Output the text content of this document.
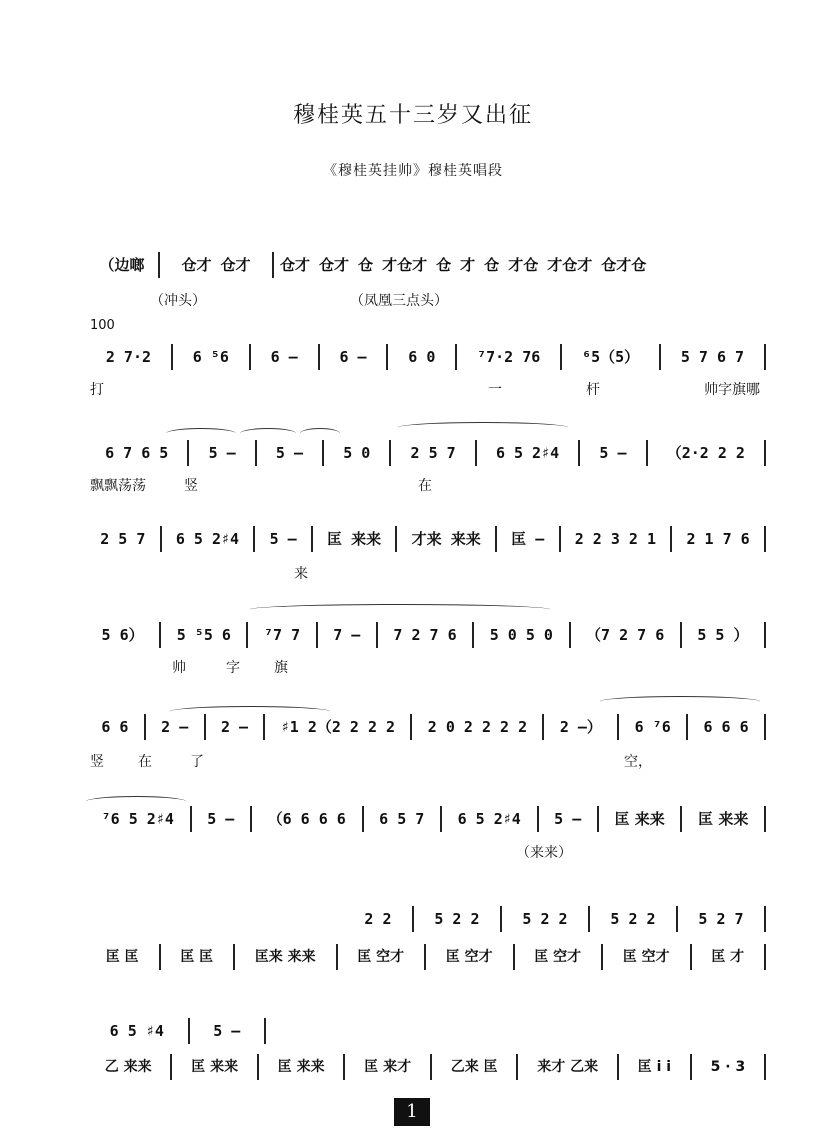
穆桂英五十三岁又出征
《穆桂英挂帅》穆桂英唱段
（边啷	仓才 仓才	仓才 仓才 仓 才仓才 仓 才 仓 才仓 才仓才 仓才仓
（冲头）	（凤凰三点头）
100
2 7·2	6 ⁵6	6 –	6 –	6 0	⁷7·2 76	⁶5（5）	5 7 6 7
打	一	杆	帅字旗哪
6 7 6 5	5 –	5 –	5 0	2 5 7	6 5 2♯4	5 –	（2·2 2 2
飘飘荡荡	竖	在
2 5 7	6 5 2♯4	5 –	匡 来来	才来 来来	匡 –	2 2 3 2 1	2 1 7 6
来
5 6）	5 ⁵5 6	⁷7 7	7 –	7 2 7 6	5 0 5 0	（7 2 7 6	5 5 ）
帅	字	旗
6 6	2 –	2 –	♯1 2（2 2 2 2	2 0 2 2 2 2	2 –）	6 ⁷6	6 6 6
竖	在	了	空，
⁷6 5 2♯4	5 –	（6 6 6 6	6 5 7	6 5 2♯4	5 –	匡 来来	匡 来来
（来来）
2 2	5 2 2	5 2 2	5 2 2	5 2 7
匡 匡	匡 匡	匡来 来来	匡 空才	匡 空才	匡 空才	匡 空才	匡 才
6 5 ♯4	5 –
乙 来来	匡 来来	匡 来来	匡 来才	乙来 匡	来才 乙来	匡 i i	5 · 3
1
